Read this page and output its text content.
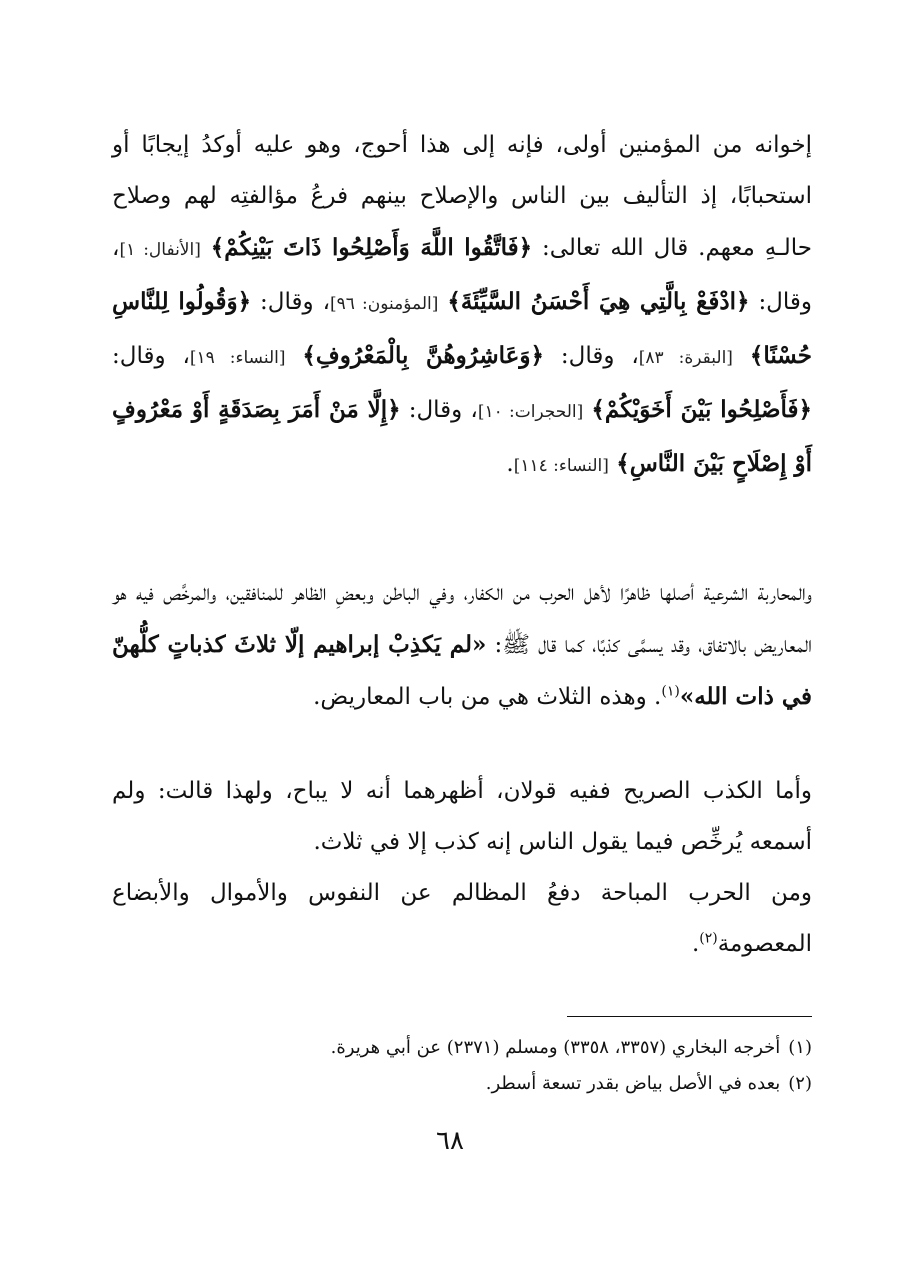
إخوانه من المؤمنين أولى، فإنه إلى هذا أحوج، وهو عليه أوكدُ إيجابًا أو استحبابًا، إذ التأليف بين الناس والإصلاح بينهم فرعُ مؤالفتِه لهم وصلاح حالـهِ معهم. قال الله تعالى: ﴿فَاتَّقُوا اللَّهَ وَأَصْلِحُوا ذَاتَ بَيْنِكُمْ﴾ [الأنفال: ١]، وقال: ﴿ادْفَعْ بِالَّتِي هِيَ أَحْسَنُ السَّيِّئَةَ﴾ [المؤمنون: ٩٦]، وقال: ﴿وَقُولُوا لِلنَّاسِ حُسْنًا﴾ [البقرة: ٨٣]، وقال: ﴿وَعَاشِرُوهُنَّ بِالْمَعْرُوفِ﴾ [النساء: ١٩]، وقال: ﴿فَأَصْلِحُوا بَيْنَ أَخَوَيْكُمْ﴾ [الحجرات: ١٠]، وقال: ﴿إِلَّا مَنْ أَمَرَ بِصَدَقَةٍ أَوْ مَعْرُوفٍ أَوْ إِصْلَاحٍ بَيْنَ النَّاسِ﴾ [النساء: ١١٤].

والمحاربة الشرعية أصلها ظاهرًا لأهل الحرب من الكفار، وفي الباطن وبعضِ الظاهر للمنافقين، والمرخَّص فيه هو المعاريض بالاتفاق، وقد يسمَّى كذبًا، كما قال ﷺ: «لم يَكذِبْ إبراهيم إلّا ثلاثَ كذباتٍ كلُّهنّ في ذات الله»$^{(١)}$. وهذه الثلاث هي من باب المعاريض.

وأما الكذب الصريح ففيه قولان، أظهرهما أنه لا يباح، ولهذا قالت: ولم أسمعه يُرخِّص فيما يقول الناس إنه كذب إلا في ثلاث.

ومن الحرب المباحة دفعُ المظالم عن النفوس والأموال والأبضاع المعصومة$^{(٢)}$.

(١)أخرجه البخاري (٣٣٥٧، ٣٣٥٨) ومسلم (٢٣٧١) عن أبي هريرة.

(٢)بعده في الأصل بياض بقدر تسعة أسطر.

٦٨
